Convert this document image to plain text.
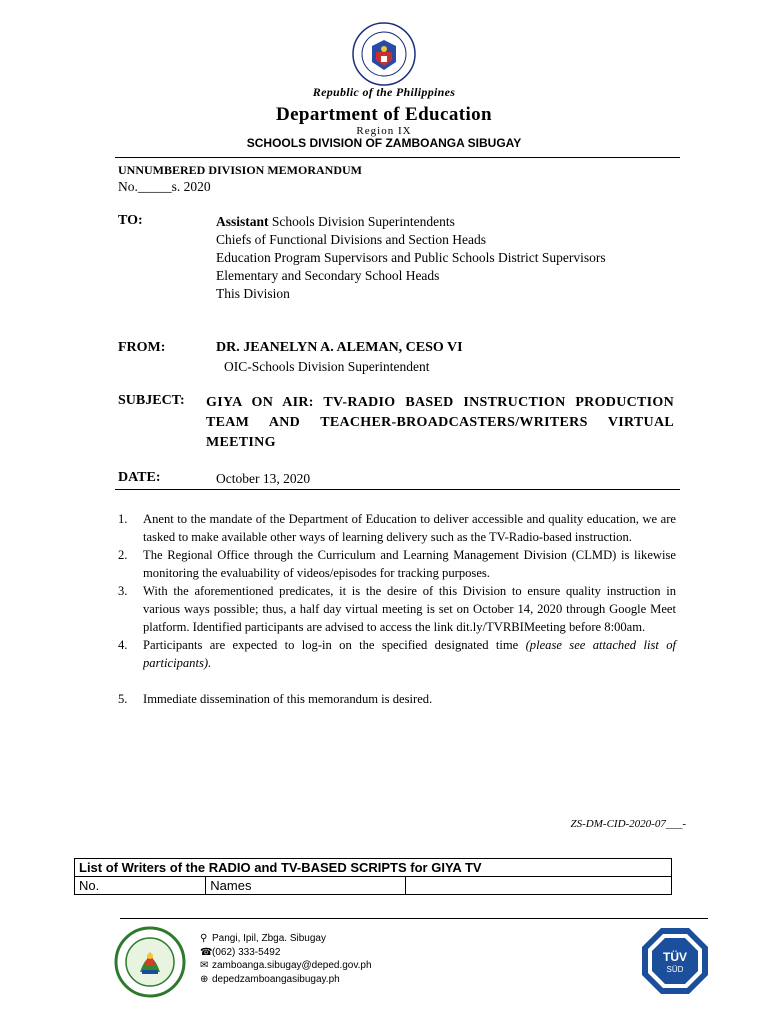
Republic of the Philippines
Department of Education
Region IX
SCHOOLS DIVISION OF ZAMBOANGA SIBUGAY
UNNUMBERED DIVISION MEMORANDUM
No._____s. 2020
TO:	Assistant Schools Division Superintendents
Chiefs of Functional Divisions and Section Heads
Education Program Supervisors and Public Schools District Supervisors
Elementary and Secondary School Heads
This Division
FROM:	DR. JEANELYN A. ALEMAN, CESO VI
OIC-Schools Division Superintendent
SUBJECT: GIYA ON AIR: TV-RADIO BASED INSTRUCTION PRODUCTION TEAM AND TEACHER-BROADCASTERS/WRITERS VIRTUAL MEETING
DATE:	October 13, 2020
1. Anent to the mandate of the Department of Education to deliver accessible and quality education, we are tasked to make available other ways of learning delivery such as the TV-Radio-based instruction.
2. The Regional Office through the Curriculum and Learning Management Division (CLMD) is likewise monitoring the evaluability of videos/episodes for tracking purposes.
3. With the aforementioned predicates, it is the desire of this Division to ensure quality instruction in various ways possible; thus, a half day virtual meeting is set on October 14, 2020 through Google Meet platform. Identified participants are advised to access the link dit.ly/TVRBIMeeting before 8:00am.
4. Participants are expected to log-in on the specified designated time (please see attached list of participants).
5. Immediate dissemination of this memorandum is desired.
ZS-DM-CID-2020-07___-
List of Writers of the RADIO and TV-BASED SCRIPTS for GIYA TV
No.	Names
⚲ Pangi, Ipil, Zbga. Sibugay
☎(062) 333-5492
✉ zamboanga.sibugay@deped.gov.ph
⊕ depedzamboangasibugay.ph
TÜV
SÜD
ISO 9001
